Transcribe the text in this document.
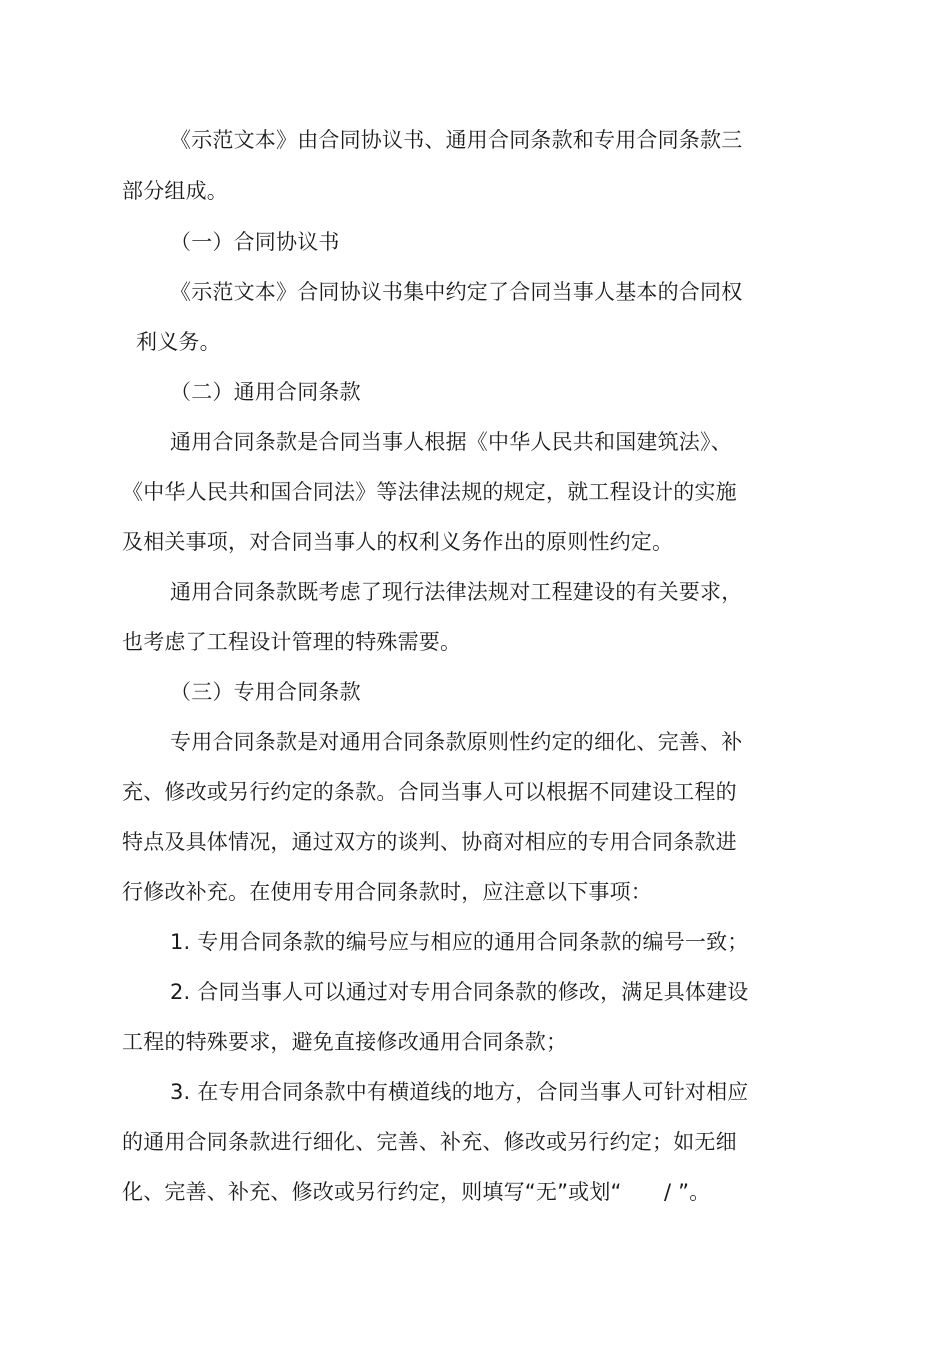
《示范文本》由合同协议书、通用合同条款和专用合同条款三
部分组成。
（一）合同协议书
《示范文本》合同协议书集中约定了合同当事人基本的合同权
利义务。
（二）通用合同条款
通用合同条款是合同当事人根据《中华人民共和国建筑法》、
《中华人民共和国合同法》等法律法规的规定，就工程设计的实施
及相关事项，对合同当事人的权利义务作出的原则性约定。
通用合同条款既考虑了现行法律法规对工程建设的有关要求，
也考虑了工程设计管理的特殊需要。
（三）专用合同条款
专用合同条款是对通用合同条款原则性约定的细化、完善、补
充、修改或另行约定的条款。合同当事人可以根据不同建设工程的
特点及具体情况，通过双方的谈判、协商对相应的专用合同条款进
行修改补充。在使用专用合同条款时，应注意以下事项：
1. 专用合同条款的编号应与相应的通用合同条款的编号一致；
2. 合同当事人可以通过对专用合同条款的修改，满足具体建设
工程的特殊要求，避免直接修改通用合同条款；
3. 在专用合同条款中有横道线的地方，合同当事人可针对相应
的通用合同条款进行细化、完善、补充、修改或另行约定；如无细
化、完善、补充、修改或另行约定，则填写“无”或划“　　/ ”。
